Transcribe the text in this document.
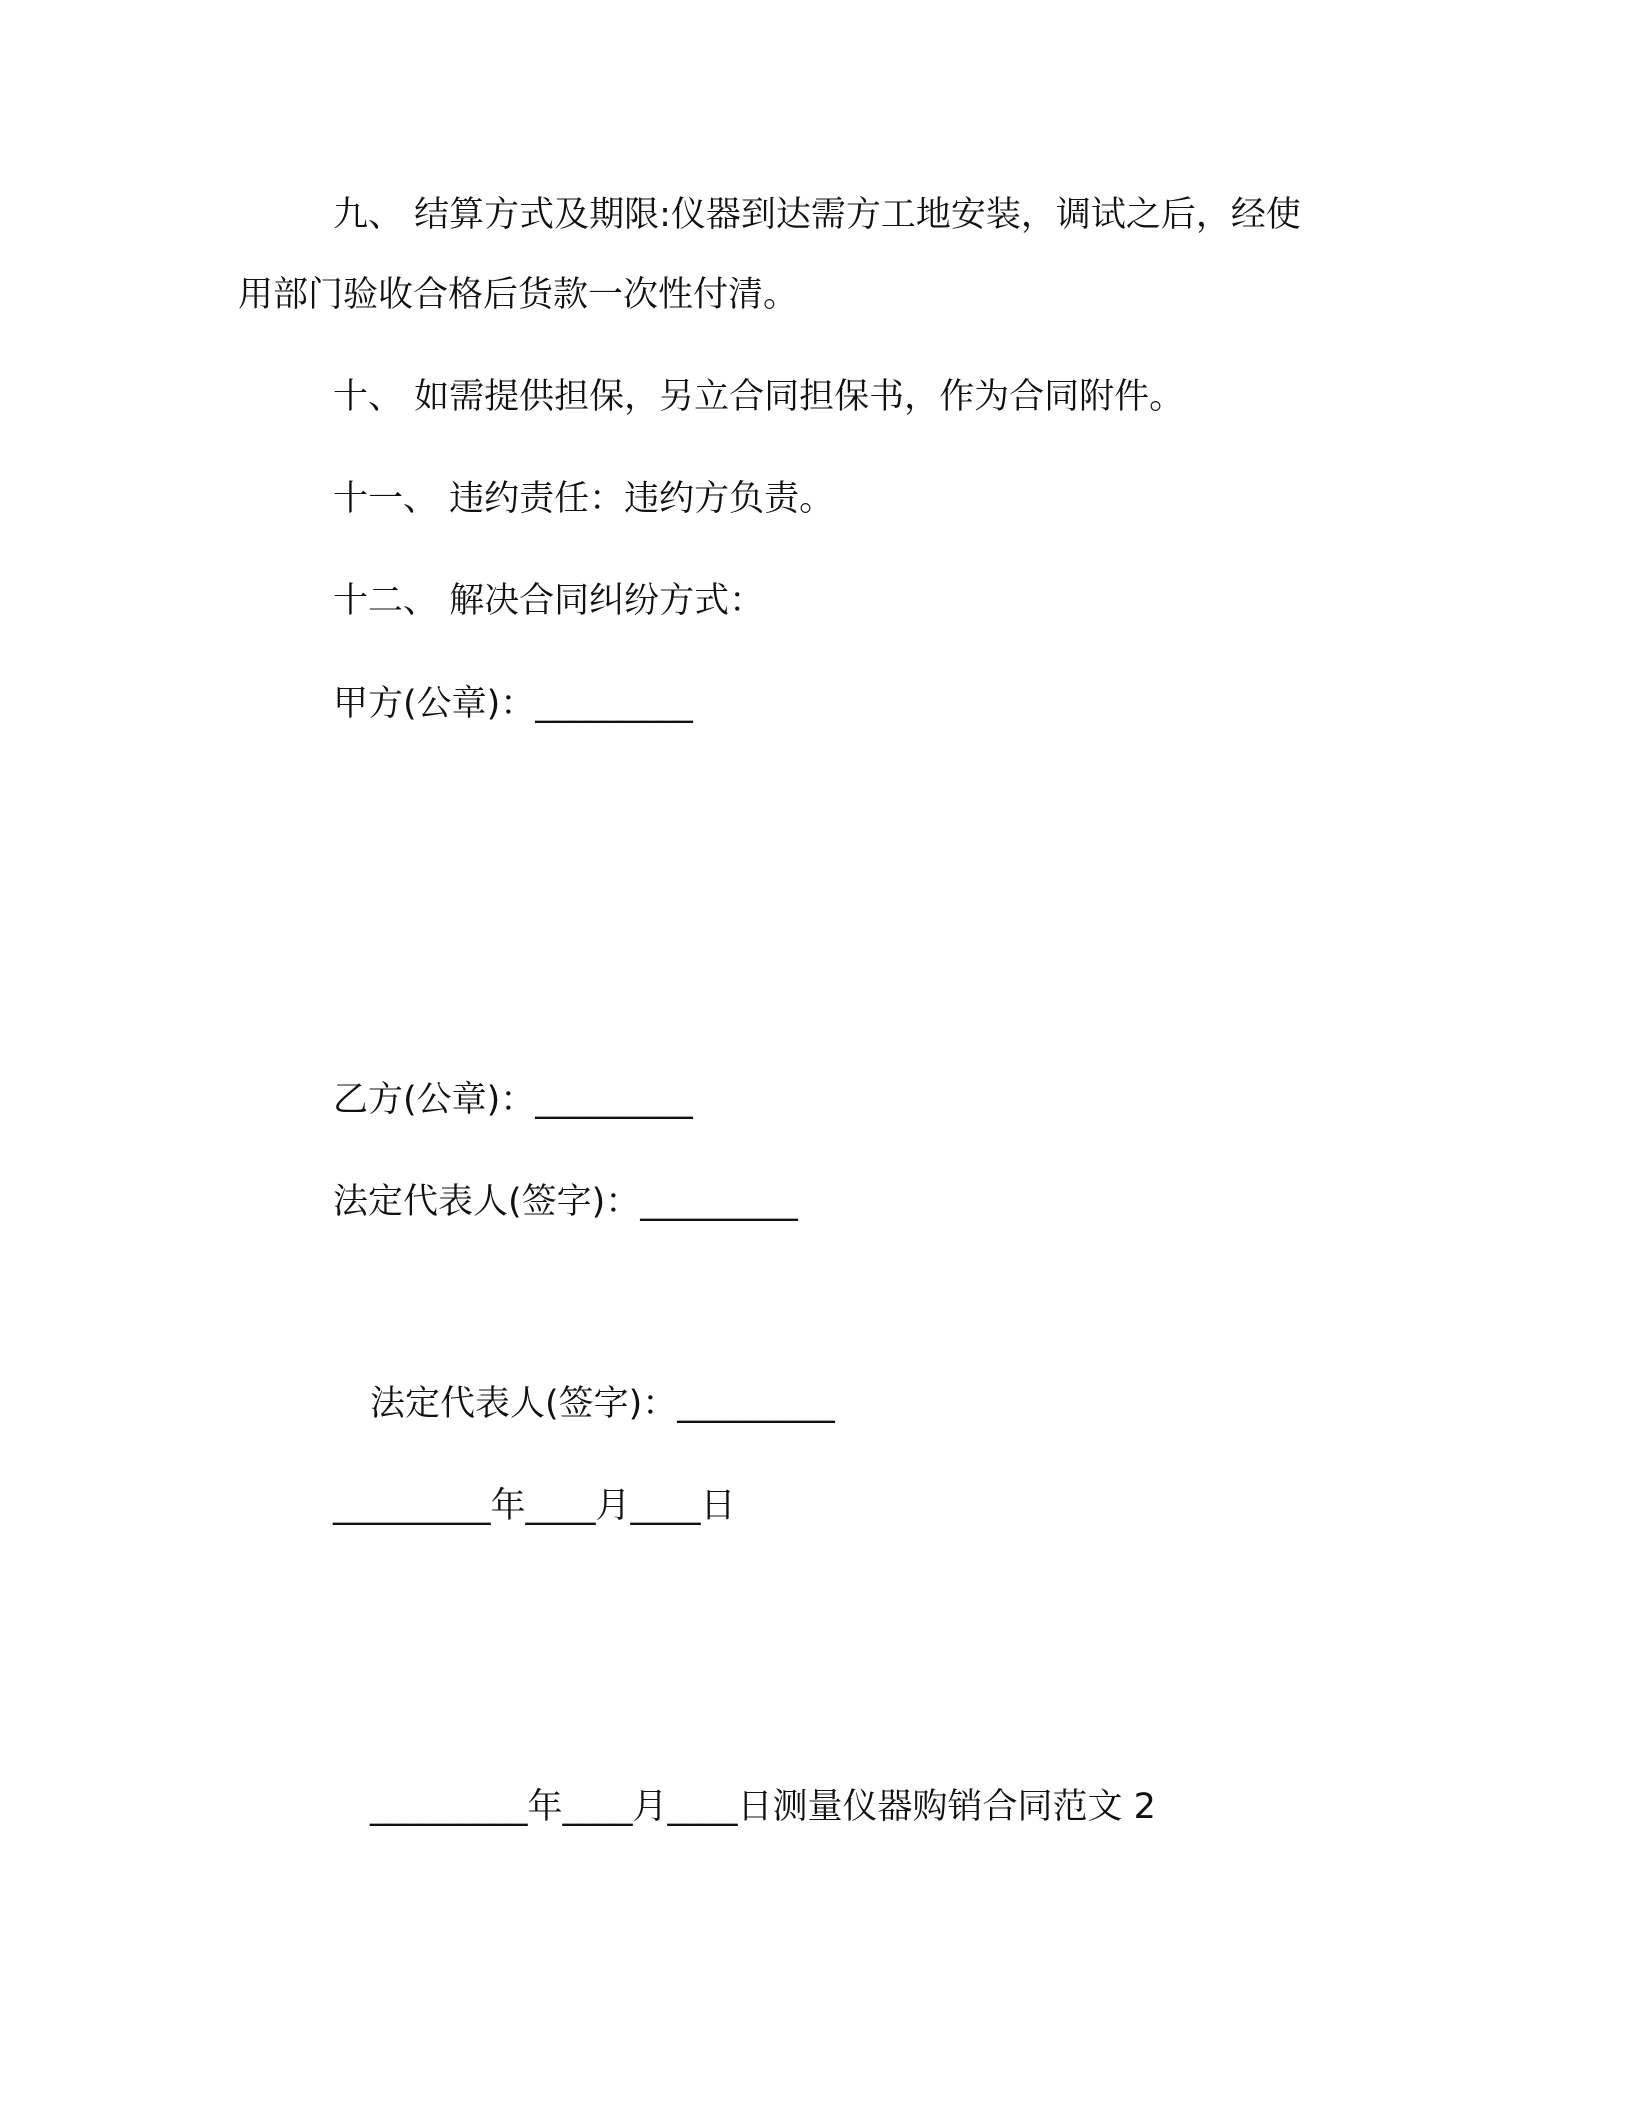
九、 结算方式及期限:仪器到达需方工地安装，调试之后，经使
用部门验收合格后货款一次性付清。
十、 如需提供担保，另立合同担保书，作为合同附件。
十一、 违约责任：违约方负责。
十二、 解决合同纠纷方式：
甲方(公章)：_________
乙方(公章)：_________
法定代表人(签字)：_________
法定代表人(签字)：_________
_________年____月____日
_________年____月____日测量仪器购销合同范文 2
